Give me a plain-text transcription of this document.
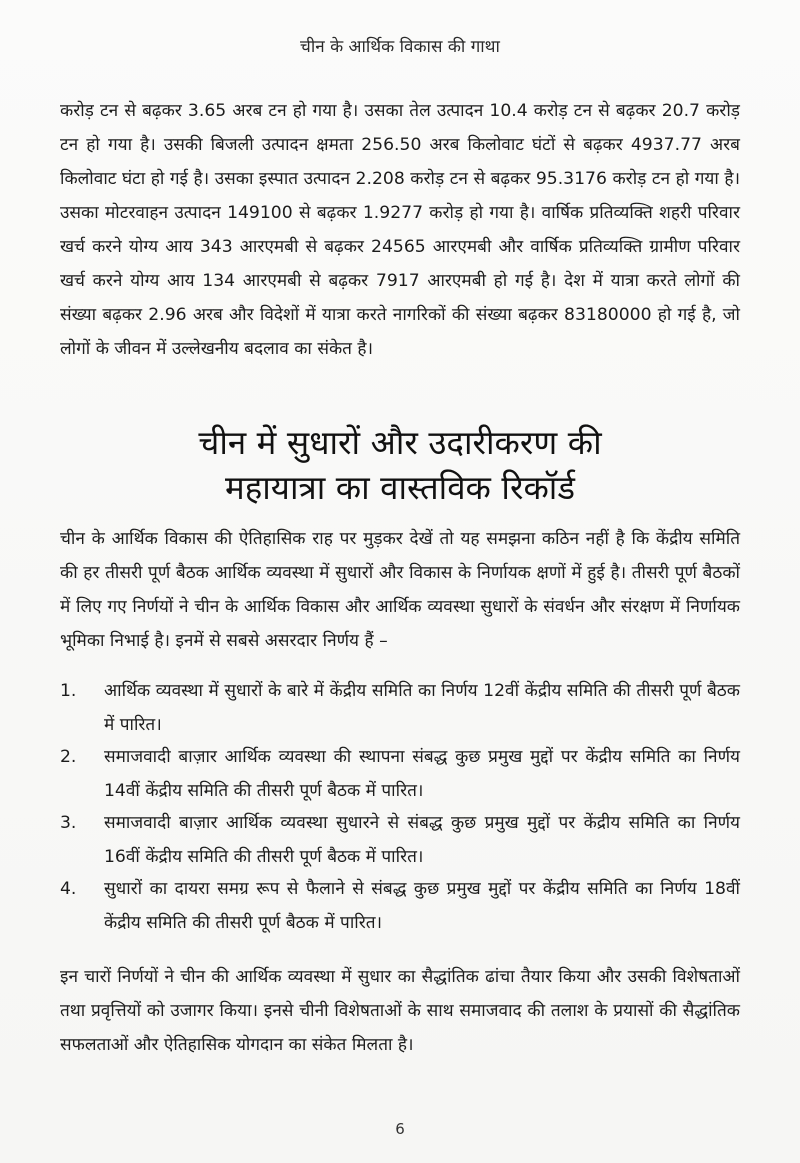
चीन के आर्थिक विकास की गाथा

करोड़ टन से बढ़कर 3.65 अरब टन हो गया है। उसका तेल उत्पादन 10.4 करोड़ टन से बढ़कर 20.7 करोड़ टन हो गया है। उसकी बिजली उत्पादन क्षमता 256.50 अरब किलोवाट घंटों से बढ़कर 4937.77 अरब किलोवाट घंटा हो गई है। उसका इस्पात उत्पादन 2.208 करोड़ टन से बढ़कर 95.3176 करोड़ टन हो गया है। उसका मोटरवाहन उत्पादन 149100 से बढ़कर 1.9277 करोड़ हो गया है। वार्षिक प्रतिव्यक्ति शहरी परिवार खर्च करने योग्य आय 343 आरएमबी से बढ़कर 24565 आरएमबी और वार्षिक प्रतिव्यक्ति ग्रामीण परिवार खर्च करने योग्य आय 134 आरएमबी से बढ़कर 7917 आरएमबी हो गई है। देश में यात्रा करते लोगों की संख्या बढ़कर 2.96 अरब और विदेशों में यात्रा करते नागरिकों की संख्या बढ़कर 83180000 हो गई है, जो लोगों के जीवन में उल्लेखनीय बदलाव का संकेत है।

चीन में सुधारों और उदारीकरण की
महायात्रा का वास्तविक रिकॉर्ड

चीन के आर्थिक विकास की ऐतिहासिक राह पर मुड़कर देखें तो यह समझना कठिन नहीं है कि केंद्रीय समिति की हर तीसरी पूर्ण बैठक आर्थिक व्यवस्था में सुधारों और विकास के निर्णायक क्षणों में हुई है। तीसरी पूर्ण बैठकों में लिए गए निर्णयों ने चीन के आर्थिक विकास और आर्थिक व्यवस्था सुधारों के संवर्धन और संरक्षण में निर्णायक भूमिका निभाई है। इनमें से सबसे असरदार निर्णय हैं –

1.	आर्थिक व्यवस्था में सुधारों के बारे में केंद्रीय समिति का निर्णय 12वीं केंद्रीय समिति की तीसरी पूर्ण बैठक में पारित।

2.	समाजवादी बाज़ार आर्थिक व्यवस्था की स्थापना संबद्ध कुछ प्रमुख मुद्दों पर केंद्रीय समिति का निर्णय 14वीं केंद्रीय समिति की तीसरी पूर्ण बैठक में पारित।

3.	समाजवादी बाज़ार आर्थिक व्यवस्था सुधारने से संबद्ध कुछ प्रमुख मुद्दों पर केंद्रीय समिति का निर्णय 16वीं केंद्रीय समिति की तीसरी पूर्ण बैठक में पारित।

4.	सुधारों का दायरा समग्र रूप से फैलाने से संबद्ध कुछ प्रमुख मुद्दों पर केंद्रीय समिति का निर्णय 18वीं केंद्रीय समिति की तीसरी पूर्ण बैठक में पारित।

इन चारों निर्णयों ने चीन की आर्थिक व्यवस्था में सुधार का सैद्धांतिक ढांचा तैयार किया और उसकी विशेषताओं तथा प्रवृत्तियों को उजागर किया। इनसे चीनी विशेषताओं के साथ समाजवाद की तलाश के प्रयासों की सैद्धांतिक सफलताओं और ऐतिहासिक योगदान का संकेत मिलता है।

6
